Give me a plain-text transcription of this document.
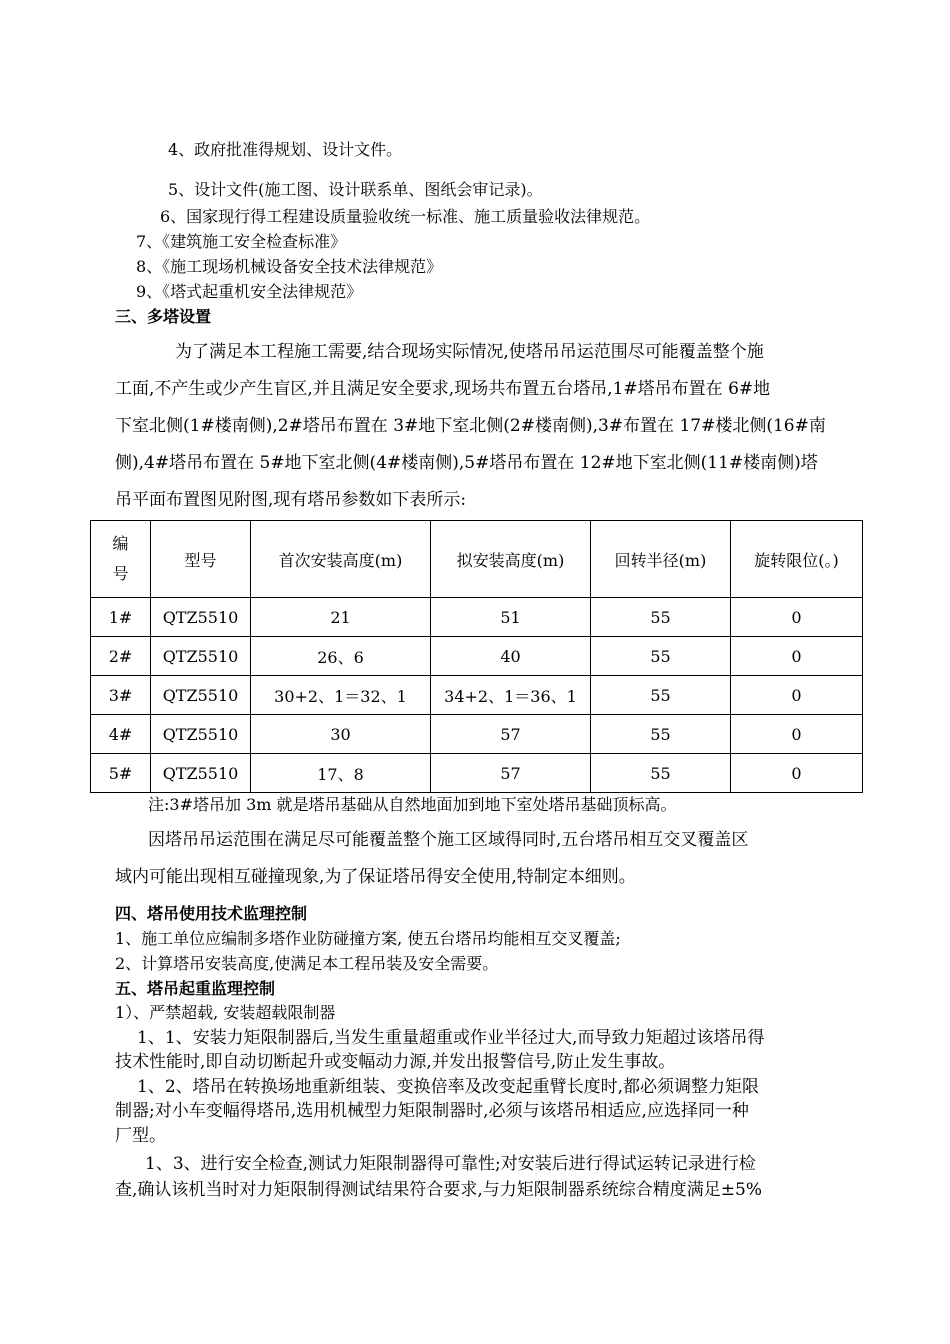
4、政府批准得规划、设计文件。
5、设计文件(施工图、设计联系单、图纸会审记录)。
6、国家现行得工程建设质量验收统一标准、施工质量验收法律规范。
7、《建筑施工安全检查标准》
8、《施工现场机械设备安全技术法律规范》
9、《塔式起重机安全法律规范》
三、多塔设置
为了满足本工程施工需要,结合现场实际情况,使塔吊吊运范围尽可能覆盖整个施
工面,不产生或少产生盲区,并且满足安全要求,现场共布置五台塔吊,1#塔吊布置在 6#地
下室北侧(1#楼南侧),2#塔吊布置在 3#地下室北侧(2#楼南侧),3#布置在 17#楼北侧(16#南
侧),4#塔吊布置在 5#地下室北侧(4#楼南侧),5#塔吊布置在 12#地下室北侧(11#楼南侧)塔
吊平面布置图见附图,现有塔吊参数如下表所示:
编
号	型号	首次安装高度(m)	拟安装高度(m)	回转半径(m)	旋转限位(。)
1#	QTZ5510	21	51	55	0
2#	QTZ5510	26、6	40	55	0
3#	QTZ5510	30+2、1＝32、1	34+2、1＝36、1	55	0
4#	QTZ5510	30	57	55	0
5#	QTZ5510	17、8	57	55	0
注:3#塔吊加 3m 就是塔吊基础从自然地面加到地下室处塔吊基础顶标高。
因塔吊吊运范围在满足尽可能覆盖整个施工区域得同时,五台塔吊相互交叉覆盖区
域内可能出现相互碰撞现象,为了保证塔吊得安全使用,特制定本细则。
四、塔吊使用技术监理控制
1、施工单位应编制多塔作业防碰撞方案, 使五台塔吊均能相互交叉覆盖;
2、计算塔吊安装高度,使满足本工程吊装及安全需要。
五、塔吊起重监理控制
1）、严禁超载, 安装超载限制器
1、1、安装力矩限制器后,当发生重量超重或作业半径过大,而导致力矩超过该塔吊得
技术性能时,即自动切断起升或变幅动力源,并发出报警信号,防止发生事故。
1、2、塔吊在转换场地重新组装、变换倍率及改变起重臂长度时,都必须调整力矩限
制器;对小车变幅得塔吊,选用机械型力矩限制器时,必须与该塔吊相适应,应选择同一种
厂型。
1、3、进行安全检查,测试力矩限制器得可靠性;对安装后进行得试运转记录进行检
查,确认该机当时对力矩限制得测试结果符合要求,与力矩限制器系统综合精度满足±5%
